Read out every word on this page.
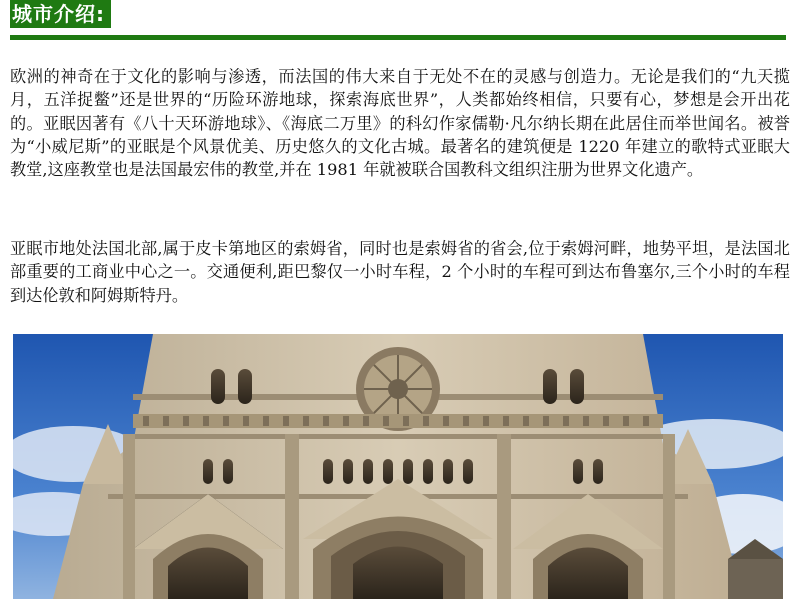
城市介绍:

欧洲的神奇在于文化的影响与渗透，而法国的伟大来自于无处不在的灵感与创造力。无论是我们的“九天揽月，五洋捉鳖”还是世界的“历险环游地球，探索海底世界”，人类都始终相信，只要有心，梦想是会开出花的。亚眠因著有《八十天环游地球》、《海底二万里》的科幻作家儒勒·凡尔纳长期在此居住而举世闻名。被誉为“小威尼斯”的亚眠是个风景优美、历史悠久的文化古城。最著名的建筑便是 1220 年建立的歌特式亚眠大教堂,这座教堂也是法国最宏伟的教堂,并在 1981 年就被联合国教科文组织注册为世界文化遗产。

亚眠市地处法国北部,属于皮卡第地区的索姆省，同时也是索姆省的省会,位于索姆河畔，地势平坦，是法国北部重要的工商业中心之一。交通便利,距巴黎仅一小时车程，2 个小时的车程可到达布鲁塞尔,三个小时的车程到达伦敦和阿姆斯特丹。
